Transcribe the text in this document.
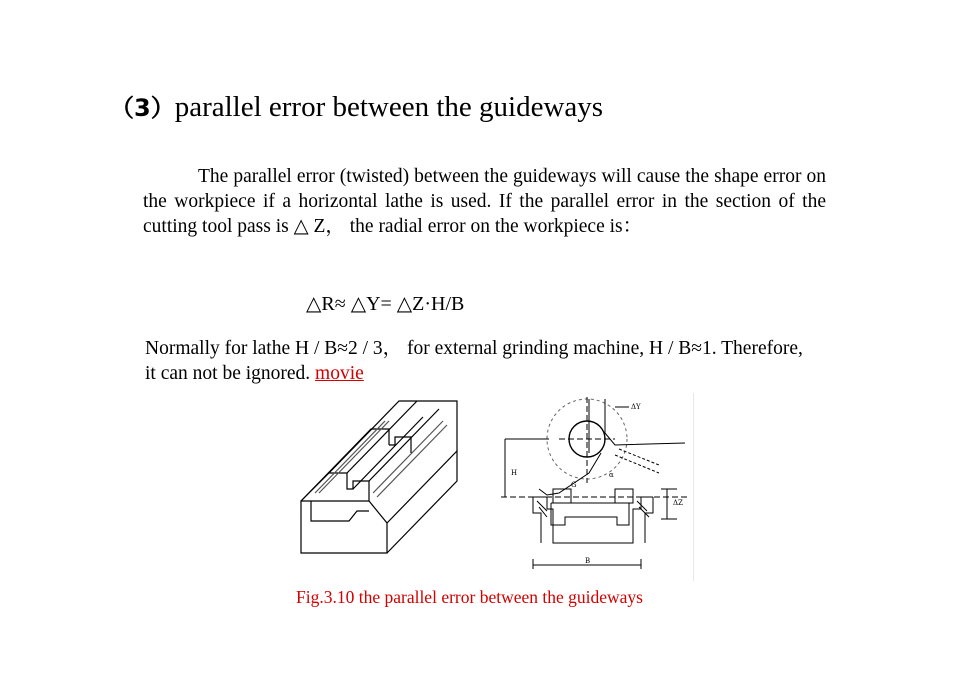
（3）parallel error between the guideways
The parallel error (twisted) between the guideways will cause the shape error on the workpiece if a horizontal lathe is used. If the parallel error in the section of the cutting tool pass is △ Z， the radial error on the workpiece is：
△R≈ △Y= △Z·H/B
Normally for lathe H / B≈2 / 3， for external grinding machine, H / B≈1. Therefore, it can not be ignored. movie
ΔY
H
ΔZ
B
α
G
Fig.3.10 the parallel error between the guideways
